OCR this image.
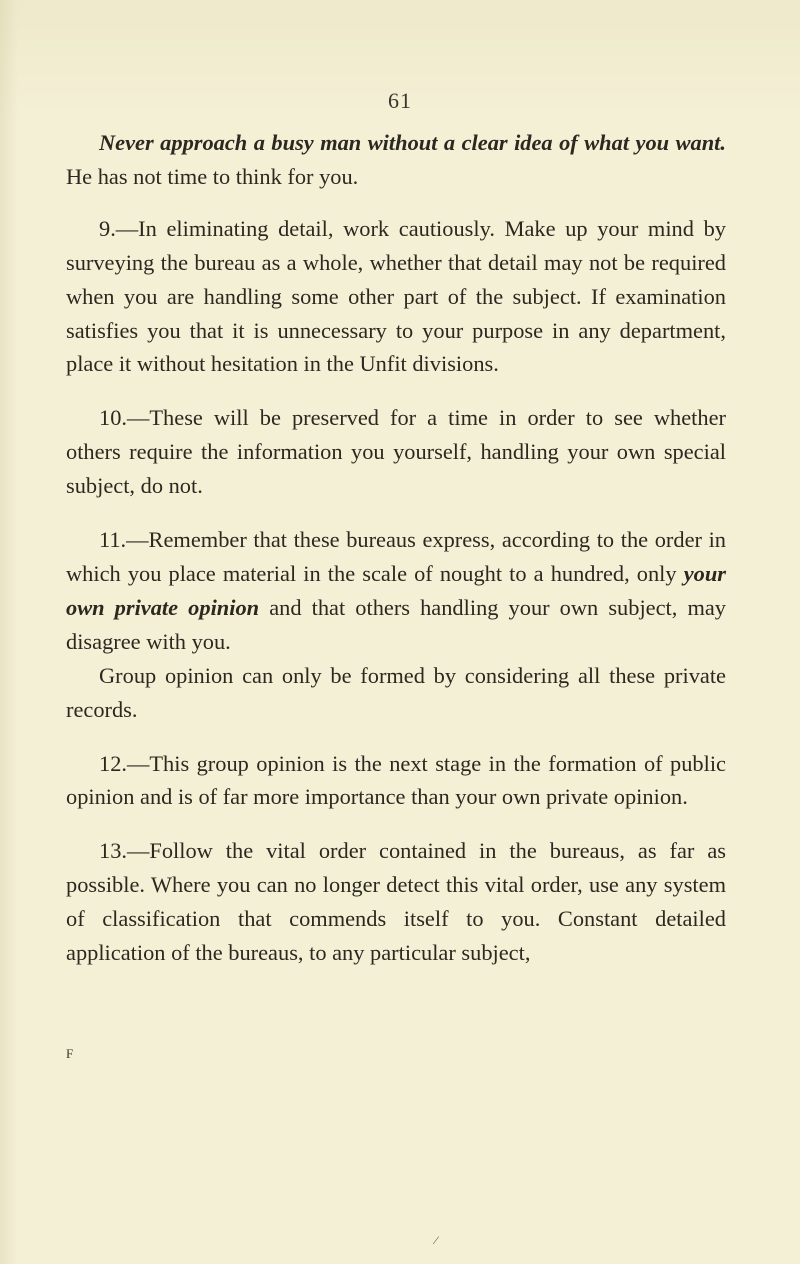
61

Never approach a busy man without a clear idea of what you want. He has not time to think for you.

9.—In eliminating detail, work cautiously. Make up your mind by surveying the bureau as a whole, whether that detail may not be required when you are handling some other part of the subject. If examination satisfies you that it is unnecessary to your purpose in any department, place it without hesitation in the Unfit divisions.

10.—These will be preserved for a time in order to see whether others require the information you yourself, handling your own special subject, do not.

11.—Remember that these bureaus express, according to the order in which you place material in the scale of nought to a hundred, only your own private opinion and that others handling your own subject, may disagree with you.

Group opinion can only be formed by considering all these private records.

12.—This group opinion is the next stage in the formation of public opinion and is of far more importance than your own private opinion.

13.—Follow the vital order contained in the bureaus, as far as possible. Where you can no longer detect this vital order, use any system of classification that commends itself to you. Constant detailed application of the bureaus, to any particular subject,

F
⁄
